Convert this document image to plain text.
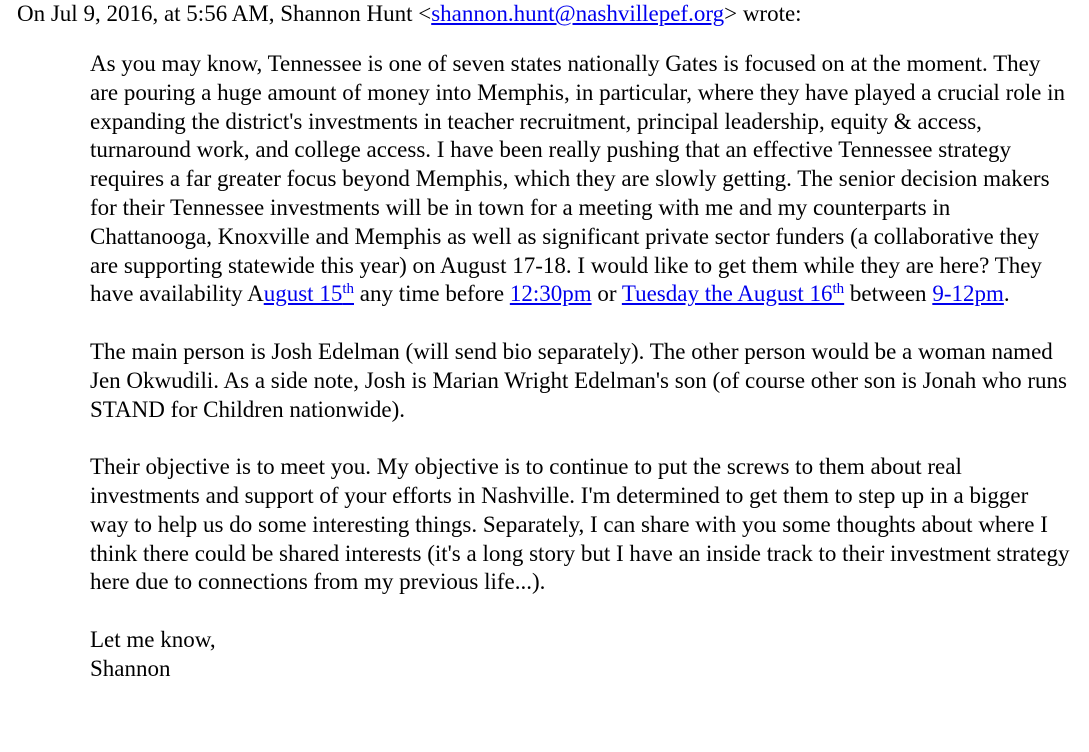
On Jul 9, 2016, at 5:56 AM, Shannon Hunt <shannon.hunt@nashvillepef.org> wrote:

As you may know, Tennessee is one of seven states nationally Gates is focused on at the moment. They are pouring a huge amount of money into Memphis, in particular, where they have played a crucial role in expanding the district's investments in teacher recruitment, principal leadership, equity & access, turnaround work, and college access. I have been really pushing that an effective Tennessee strategy requires a far greater focus beyond Memphis, which they are slowly getting. The senior decision makers for their Tennessee investments will be in town for a meeting with me and my counterparts in Chattanooga, Knoxville and Memphis as well as significant private sector funders (a collaborative they are supporting statewide this year) on August 17-18. I would like to get them while they are here? They have availability August 15th any time before 12:30pm or Tuesday the August 16th between 9-12pm.

The main person is Josh Edelman (will send bio separately). The other person would be a woman named Jen Okwudili. As a side note, Josh is Marian Wright Edelman's son (of course other son is Jonah who runs STAND for Children nationwide).

Their objective is to meet you. My objective is to continue to put the screws to them about real investments and support of your efforts in Nashville. I'm determined to get them to step up in a bigger way to help us do some interesting things. Separately, I can share with you some thoughts about where I think there could be shared interests (it's a long story but I have an inside track to their investment strategy here due to connections from my previous life...).

Let me know,
Shannon
